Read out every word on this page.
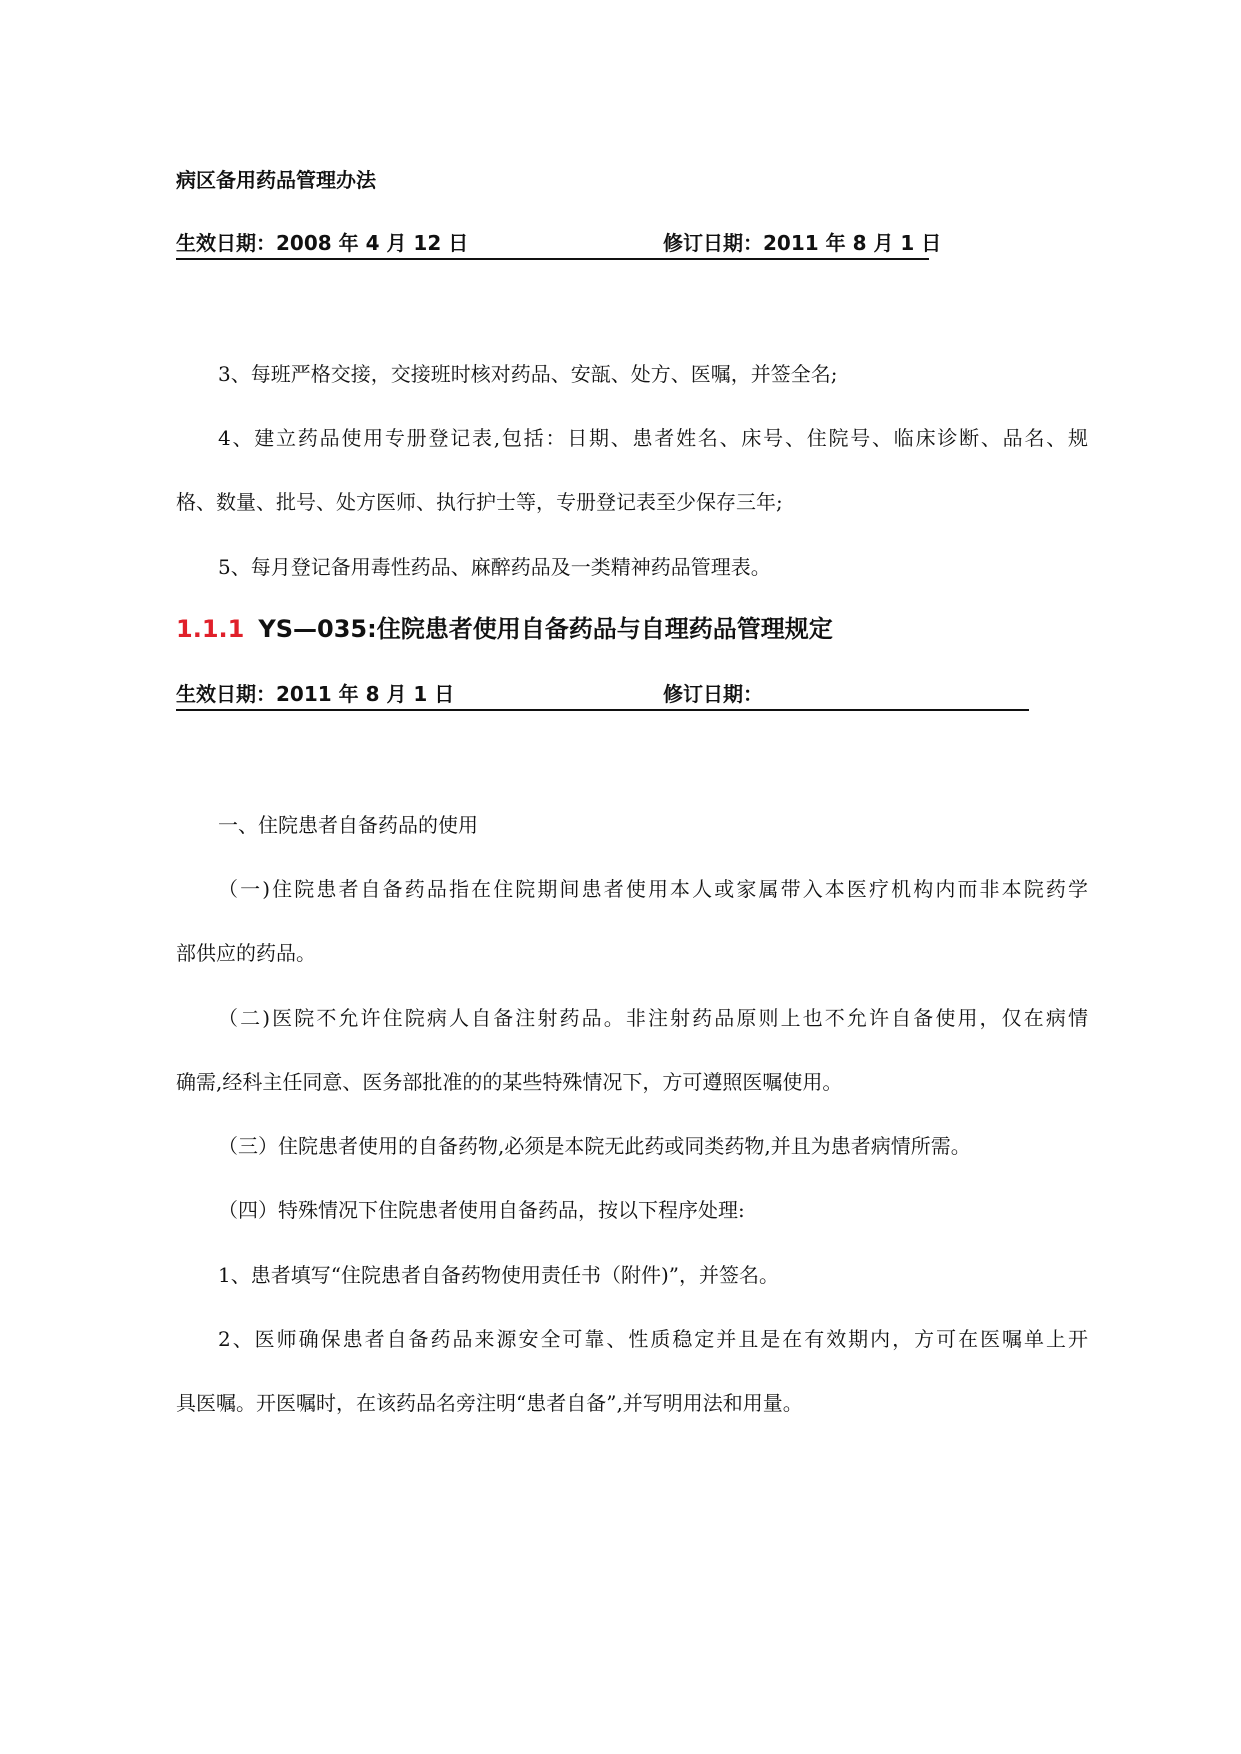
病区备用药品管理办法
生效日期：2008 年 4 月 12 日	修订日期：2011 年 8 月 1 日
3、每班严格交接，交接班时核对药品、安瓿、处方、医嘱，并签全名;
4、建立药品使用专册登记表,包括：日期、患者姓名、床号、住院号、临床诊断、品名、规
格、数量、批号、处方医师、执行护士等，专册登记表至少保存三年;
5、每月登记备用毒性药品、麻醉药品及一类精神药品管理表。
1.1.1 YS—035:住院患者使用自备药品与自理药品管理规定
生效日期：2011 年 8 月 1 日	修订日期：
一、住院患者自备药品的使用
（一)住院患者自备药品指在住院期间患者使用本人或家属带入本医疗机构内而非本院药学
部供应的药品。
（二)医院不允许住院病人自备注射药品。非注射药品原则上也不允许自备使用，仅在病情
确需,经科主任同意、医务部批准的的某些特殊情况下，方可遵照医嘱使用。
（三）住院患者使用的自备药物,必须是本院无此药或同类药物,并且为患者病情所需。
（四）特殊情况下住院患者使用自备药品，按以下程序处理:
1、患者填写“住院患者自备药物使用责任书（附件)”，并签名。
2、医师确保患者自备药品来源安全可靠、性质稳定并且是在有效期内，方可在医嘱单上开
具医嘱。开医嘱时，在该药品名旁注明“患者自备”,并写明用法和用量。
